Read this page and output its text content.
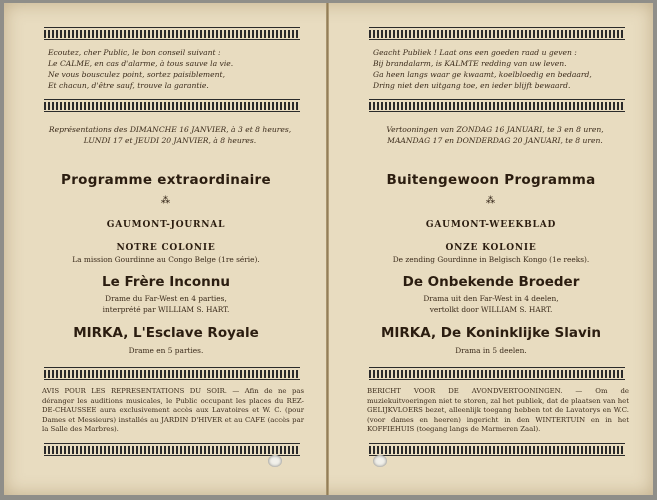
Ecoutez, cher Public, le bon conseil suivant :
Le CALME, en cas d'alarme, à tous sauve la vie.
Ne vous bousculez point, sortez paisiblement,
Et chacun, d'être sauf, trouve la garantie.
Représentations des DIMANCHE 16 JANVIER, à 3 et 8 heures,
LUNDI 17 et JEUDI 20 JANVIER, à 8 heures.
Programme extraordinaire
⁂
GAUMONT-JOURNAL
NOTRE COLONIE
La mission Gourdinne au Congo Belge (1re série).
Le Frère Inconnu
Drame du Far-West en 4 parties,
interprété par WILLIAM S. HART.
MIRKA, L'Esclave Royale
Drame en 5 parties.
AVIS POUR LES REPRESENTATIONS DU SOIR. — Afin de ne pas déranger les auditions musicales, le Public occupant les places du REZ-DE-CHAUSSEE aura exclusivement accès aux Lavatoires et W. C. (pour Dames et Messieurs) installés au JARDIN D'HIVER et au CAFE (accès par la Salle des Marbres).
Geacht Publiek ! Laat ons een goeden raad u geven :
Bij brandalarm, is KALMTE redding van uw leven.
Ga heen langs waar ge kwaamt, koelbloedig en bedaard,
Dring niet den uitgang toe, en ieder blijft bewaard.
Vertooningen van ZONDAG 16 JANUARI, te 3 en 8 uren,
MAANDAG 17 en DONDERDAG 20 JANUARI, te 8 uren.
Buitengewoon Programma
⁂
GAUMONT-WEEKBLAD
ONZE KOLONIE
De zending Gourdinne in Belgisch Kongo (1e reeks).
De Onbekende Broeder
Drama uit den Far-West in 4 deelen,
vertolkt door WILLIAM S. HART.
MIRKA, De Koninklijke Slavin
Drama in 5 deelen.
BERICHT VOOR DE AVONDVERTOONINGEN. — Om de muziekuitvoeringen niet te storen, zal het publiek, dat de plaatsen van het GELIJKVLOERS bezet, alleenlijk toegang hebben tot de Lavatorys en W.C. (voor dames en heeren) ingericht in den WINTERTUIN en in het KOFFIEHUIS (toegang langs de Marmeren Zaal).
